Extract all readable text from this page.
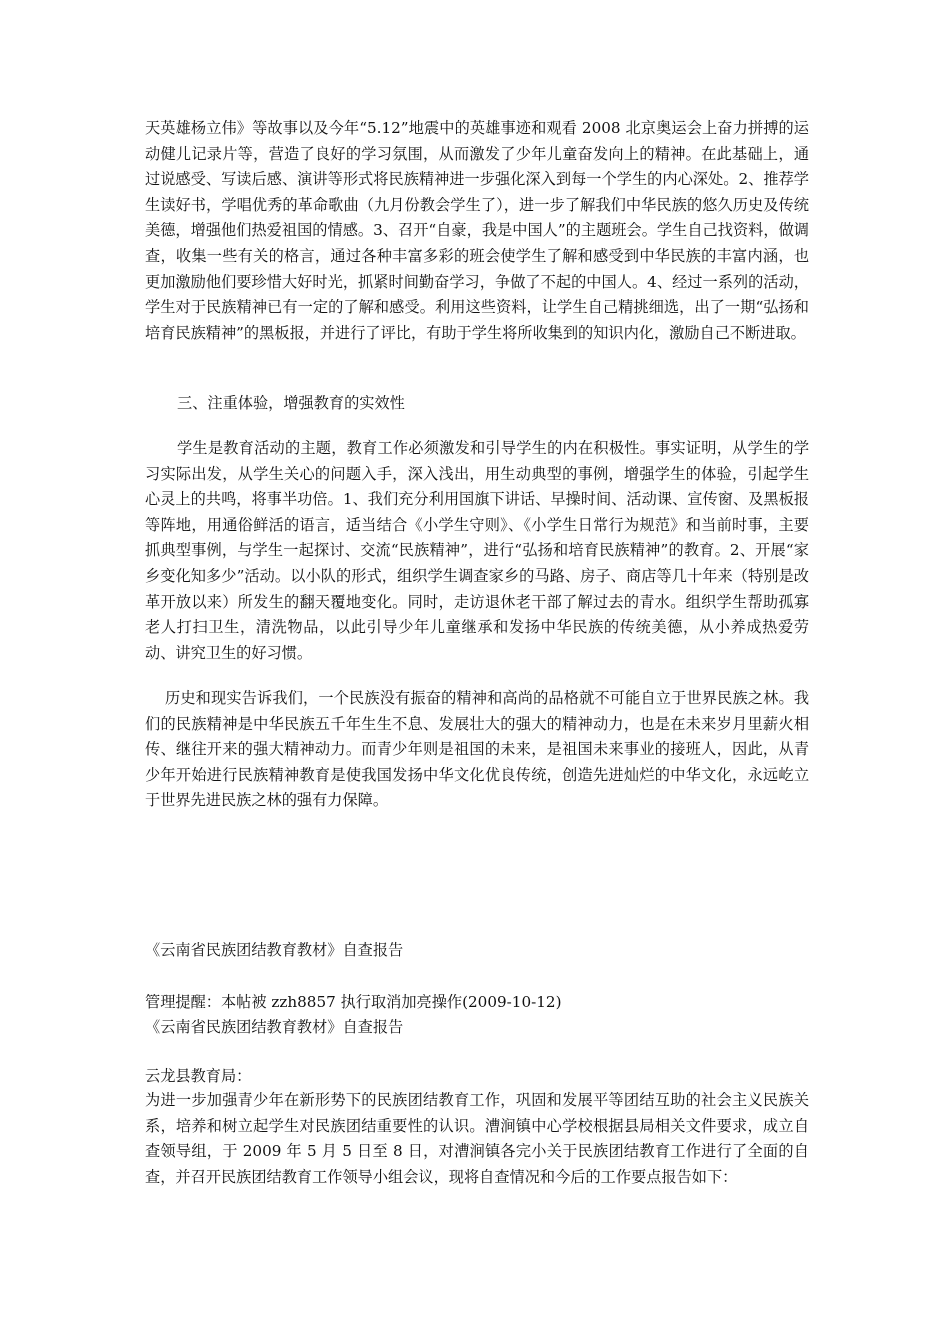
天英雄杨立伟》等故事以及今年“5.12”地震中的英雄事迹和观看 2008 北京奥运会上奋力拼搏的运动健儿记录片等，营造了良好的学习氛围，从而激发了少年儿童奋发向上的精神。在此基础上，通过说感受、写读后感、演讲等形式将民族精神进一步强化深入到每一个学生的内心深处。2、推荐学生读好书，学唱优秀的革命歌曲（九月份教会学生了），进一步了解我们中华民族的悠久历史及传统美德，增强他们热爱祖国的情感。3、召开“自豪，我是中国人”的主题班会。学生自己找资料，做调查，收集一些有关的格言，通过各种丰富多彩的班会使学生了解和感受到中华民族的丰富内涵，也更加激励他们要珍惜大好时光，抓紧时间勤奋学习，争做了不起的中国人。4、经过一系列的活动，学生对于民族精神已有一定的了解和感受。利用这些资料，让学生自己精挑细选，出了一期“弘扬和培育民族精神”的黑板报，并进行了评比，有助于学生将所收集到的知识内化，激励自己不断进取。

三、注重体验，增强教育的实效性

学生是教育活动的主题，教育工作必须激发和引导学生的内在积极性。事实证明，从学生的学习实际出发，从学生关心的问题入手，深入浅出，用生动典型的事例，增强学生的体验，引起学生心灵上的共鸣，将事半功倍。1、我们充分利用国旗下讲话、早操时间、活动课、宣传窗、及黑板报等阵地，用通俗鲜活的语言，适当结合《小学生守则》、《小学生日常行为规范》和当前时事，主要抓典型事例，与学生一起探讨、交流“民族精神”，进行“弘扬和培育民族精神”的教育。2、开展“家乡变化知多少”活动。以小队的形式，组织学生调查家乡的马路、房子、商店等几十年来（特别是改革开放以来）所发生的翻天覆地变化。同时，走访退休老干部了解过去的青水。组织学生帮助孤寡老人打扫卫生，清洗物品，以此引导少年儿童继承和发扬中华民族的传统美德，从小养成热爱劳动、讲究卫生的好习惯。

历史和现实告诉我们，一个民族没有振奋的精神和高尚的品格就不可能自立于世界民族之林。我们的民族精神是中华民族五千年生生不息、发展壮大的强大的精神动力，也是在未来岁月里薪火相传、继往开来的强大精神动力。而青少年则是祖国的未来，是祖国未来事业的接班人，因此，从青少年开始进行民族精神教育是使我国发扬中华文化优良传统，创造先进灿烂的中华文化，永远屹立于世界先进民族之林的强有力保障。

《云南省民族团结教育教材》自查报告

管理提醒：本帖被 zzh8857 执行取消加亮操作(2009-10-12)

《云南省民族团结教育教材》自查报告

云龙县教育局：

为进一步加强青少年在新形势下的民族团结教育工作，巩固和发展平等团结互助的社会主义民族关系，培养和树立起学生对民族团结重要性的认识。漕涧镇中心学校根据县局相关文件要求，成立自查领导组，于 2009 年 5 月 5 日至 8 日，对漕涧镇各完小关于民族团结教育工作进行了全面的自查，并召开民族团结教育工作领导小组会议，现将自查情况和今后的工作要点报告如下：
